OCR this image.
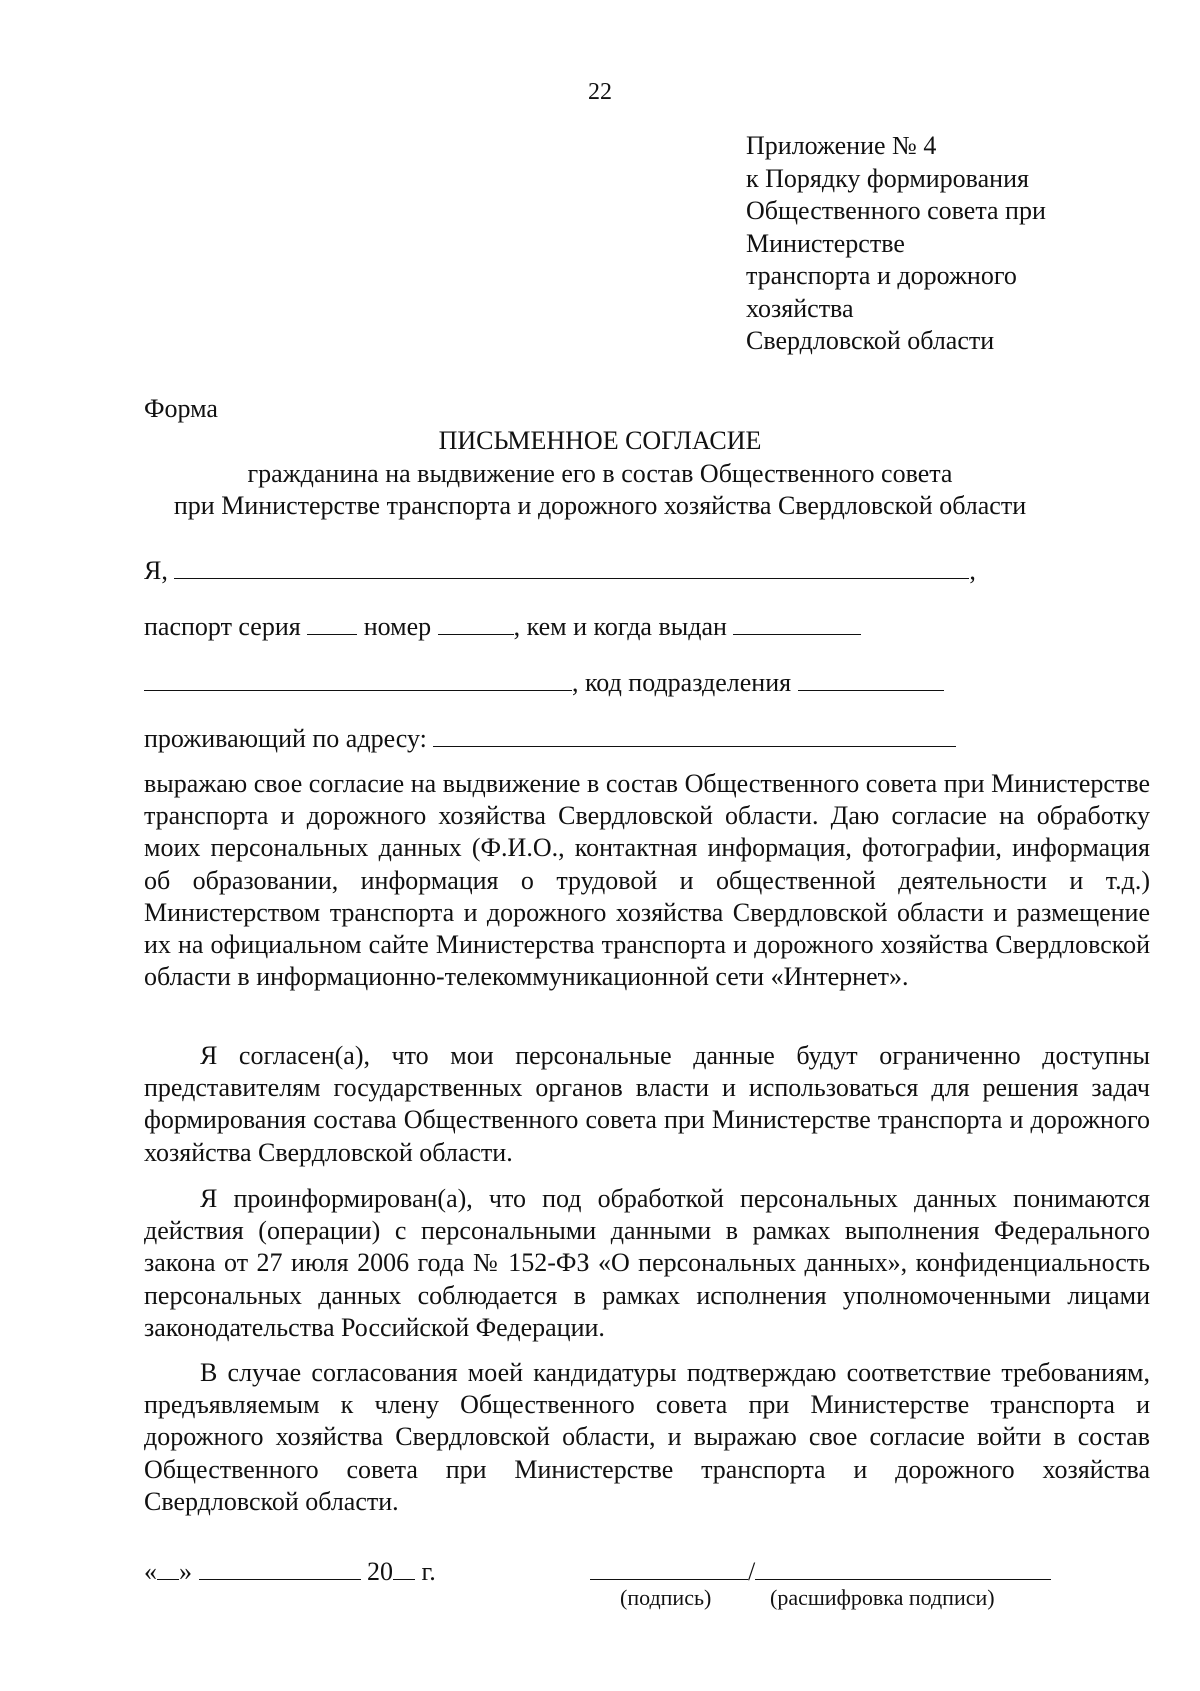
22
Приложение № 4
к Порядку формирования
Общественного совета при
Министерстве
транспорта и дорожного
хозяйства
Свердловской области
Форма
ПИСЬМЕННОЕ СОГЛАСИЕ
гражданина на выдвижение его в состав Общественного совета
при Министерстве транспорта и дорожного хозяйства Свердловской области
Я,	,
паспорт серия номер	, кем и когда выдан
, код подразделения
проживающий по адресу:
выражаю свое согласие на выдвижение в состав Общественного совета при Министерстве транспорта и дорожного хозяйства Свердловской области. Даю согласие на обработку моих персональных данных (Ф.И.О., контактная информация, фотографии, информация об образовании, информация о трудовой и общественной деятельности и т.д.) Министерством транспорта и дорожного хозяйства Свердловской области и размещение их на официальном сайте Министерства транспорта и дорожного хозяйства Свердловской области в информационно-телекоммуникационной сети «Интернет».
Я согласен(а), что мои персональные данные будут ограниченно доступны представителям государственных органов власти и использоваться для решения задач формирования состава Общественного совета при Министерстве транспорта и дорожного хозяйства Свердловской области.
Я проинформирован(а), что под обработкой персональных данных понимаются действия (операции) с персональными данными в рамках выполнения Федерального закона от 27 июля 2006 года № 152-ФЗ «О персональных данных», конфиденциальность персональных данных соблюдается в рамках исполнения уполномоченными лицами законодательства Российской Федерации.
В случае согласования моей кандидатуры подтверждаю соответствие требованиям, предъявляемым к члену Общественного совета при Министерстве транспорта и дорожного хозяйства Свердловской области, и выражаю свое согласие войти в состав Общественного совета при Министерстве транспорта и дорожного хозяйства Свердловской области.
« »	20 г.	/
(подпись)	(расшифровка подписи)
